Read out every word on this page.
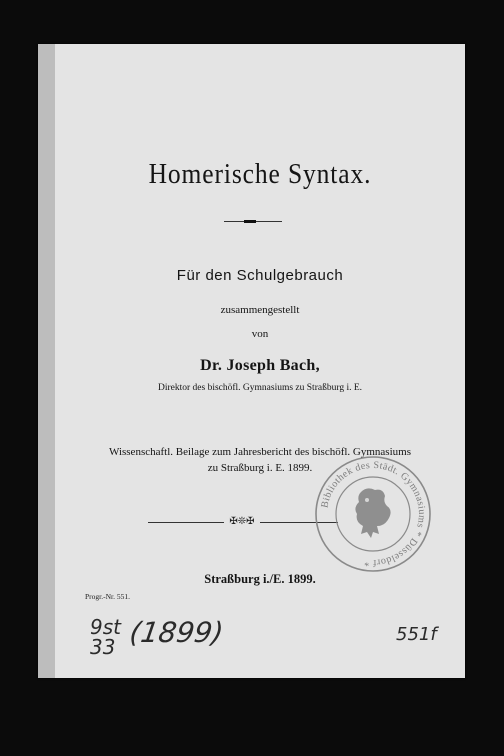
Homerische Syntax.
Für den Schulgebrauch
zusammengestellt
von
Dr. Joseph Bach,
Direktor des bischöfl. Gymnasiums zu Straßburg i. E.
Wissenschaftl. Beilage zum Jahresbericht des bischöfl. Gymnasiums
zu Straßburg i. E. 1899.
✠❊✠
Straßburg i./E. 1899.
Progr.-Nr. 551.
9st
33 (1899)	551f
Bibliothek des Städt. Gymnasiums * Düsseldorf *
